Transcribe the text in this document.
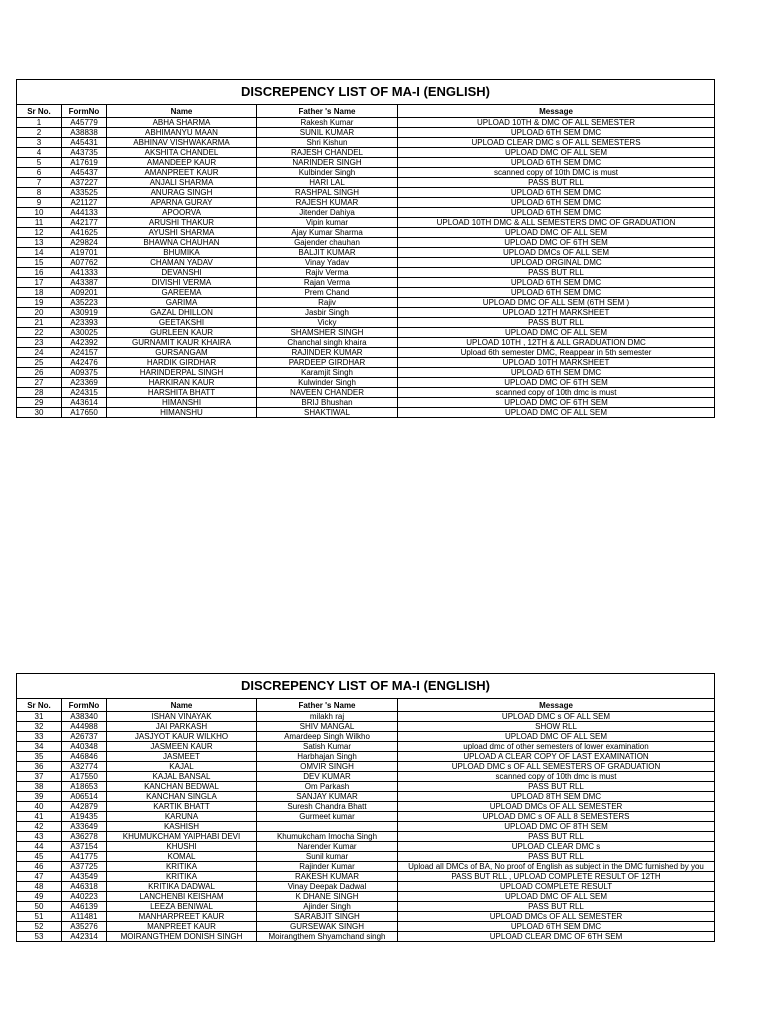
DISCREPENCY LIST OF MA-I (ENGLISH)				
Sr No.	FormNo	Name	Father 's Name	Message
1	A45779	ABHA SHARMA	Rakesh Kumar	UPLOAD 10TH & DMC OF ALL SEMESTER
2	A38838	ABHIMANYU MAAN	SUNIL KUMAR	UPLOAD 6TH SEM DMC
3	A45431	ABHINAV VISHWAKARMA	Shri Kishun	UPLOAD CLEAR DMC s OF ALL SEMESTERS
4	A43735	AKSHITA CHANDEL	RAJESH CHANDEL	UPLOAD DMC OF ALL SEM
5	A17619	AMANDEEP KAUR	NARINDER SINGH	UPLOAD 6TH SEM DMC
6	A45437	AMANPREET KAUR	Kulbinder Singh	scanned copy of 10th DMC is must
7	A37227	ANJALI SHARMA	HARI LAL	PASS BUT RLL
8	A33525	ANURAG SINGH	RASHPAL SINGH	UPLOAD 6TH SEM DMC
9	A21127	APARNA GURAY	RAJESH KUMAR	UPLOAD 6TH SEM DMC
10	A44133	APOORVA	Jitender Dahiya	UPLOAD 6TH SEM DMC
11	A42177	ARUSHI THAKUR	Vipin kumar	UPLOAD 10TH DMC & ALL SEMESTERS DMC OF GRADUATION
12	A41625	AYUSHI SHARMA	Ajay Kumar Sharma	UPLOAD DMC OF ALL SEM
13	A29824	BHAWNA CHAUHAN	Gajender chauhan	UPLOAD DMC OF 6TH SEM
14	A19701	BHUMIKA	BALJIT KUMAR	UPLOAD DMCs OF ALL SEM
15	A07762	CHAMAN YADAV	Vinay Yadav	UPLOAD ORGINAL DMC
16	A41333	DEVANSHI	Rajiv Verma	PASS BUT RLL
17	A43387	DIVISHI VERMA	Rajan Verma	UPLOAD 6TH SEM DMC
18	A09201	GAREEMA	Prem Chand	UPLOAD 6TH SEM DMC
19	A35223	GARIMA	Rajiv	UPLOAD DMC OF ALL SEM (6TH SEM )
20	A30919	GAZAL DHILLON	Jasbir Singh	UPLOAD 12TH MARKSHEET
21	A23393	GEETAKSHI	Vicky	PASS BUT RLL
22	A30025	GURLEEN KAUR	SHAMSHER SINGH	UPLOAD DMC OF ALL SEM
23	A42392	GURNAMIT KAUR KHAIRA	Chanchal singh khaira	UPLOAD 10TH , 12TH & ALL GRADUATION DMC
24	A24157	GURSANGAM	RAJINDER KUMAR	Upload 6th semester DMC, Reappear in 5th semester
25	A42476	HARDIK GIRDHAR	PARDEEP GIRDHAR	UPLOAD 10TH MARKSHEET
26	A09375	HARINDERPAL SINGH	Karamjit Singh	UPLOAD 6TH SEM DMC
27	A23369	HARKIRAN KAUR	Kulwinder Singh	UPLOAD DMC OF 6TH SEM
28	A24315	HARSHITA BHATT	NAVEEN CHANDER	scanned copy of 10th dmc is must
29	A43614	HIMANSHI	BRIJ Bhushan	UPLOAD DMC OF 6TH SEM
30	A17650	HIMANSHU	SHAKTIWAL	UPLOAD DMC OF ALL SEM
DISCREPENCY LIST OF MA-I (ENGLISH)				
Sr No.	FormNo	Name	Father 's Name	Message
31	A38340	ISHAN VINAYAK	milakh raj	UPLOAD DMC s OF ALL SEM
32	A44988	JAI PARKASH	SHIV MANGAL	SHOW RLL
33	A26737	JASJYOT KAUR WILKHO	Amardeep Singh Wilkho	UPLOAD DMC OF ALL SEM
34	A40348	JASMEEN KAUR	Satish Kumar	upload dmc of other semesters of lower examination
35	A46846	JASMEET	Harbhajan Singh	UPLOAD A CLEAR COPY OF LAST EXAMINATION
36	A32774	KAJAL	OMVIR SINGH	UPLOAD DMC s OF ALL SEMESTERS OF GRADUATION
37	A17550	KAJAL BANSAL	DEV KUMAR	scanned copy of 10th dmc is must
38	A18653	KANCHAN BEDWAL	Om Parkash	PASS BUT RLL
39	A06514	KANCHAN SINGLA	SANJAY KUMAR	UPLOAD 8TH SEM DMC
40	A42879	KARTIK BHATT	Suresh Chandra Bhatt	UPLOAD DMCs OF ALL SEMESTER
41	A19435	KARUNA	Gurmeet kumar	UPLOAD DMC s OF ALL 8 SEMESTERS
42	A33649	KASHISH		UPLOAD DMC OF 8TH SEM
43	A36278	KHUMUKCHAM YAIPHABI DEVI	Khumukcham Imocha Singh	PASS BUT RLL
44	A37154	KHUSHI	Narender Kumar	UPLOAD CLEAR DMC s
45	A41775	KOMAL	Sunil kumar	PASS BUT RLL
46	A37725	KRITIKA	Rajinder Kumar	Upload all DMCs of BA, No proof of English as subject in the DMC furnished by you
47	A43549	KRITIKA	RAKESH KUMAR	PASS BUT RLL , UPLOAD COMPLETE RESULT OF 12TH
48	A46318	KRITIKA DADWAL	Vinay Deepak Dadwal	UPLOAD COMPLETE RESULT
49	A40223	LANCHENBI KEISHAM	K DHANE SINGH	UPLOAD DMC OF ALL SEM
50	A46139	LEEZA BENIWAL	Ajinder Singh	PASS BUT RLL
51	A11481	MANHARPREET KAUR	SARABJIT SINGH	UPLOAD DMCs OF ALL SEMESTER
52	A35276	MANPREET KAUR	GURSEWAK SINGH	UPLOAD 6TH SEM DMC
53	A42314	MOIRANGTHEM DONISH SINGH	Moirangthem Shyamchand singh	UPLOAD CLEAR DMC OF 6TH SEM
